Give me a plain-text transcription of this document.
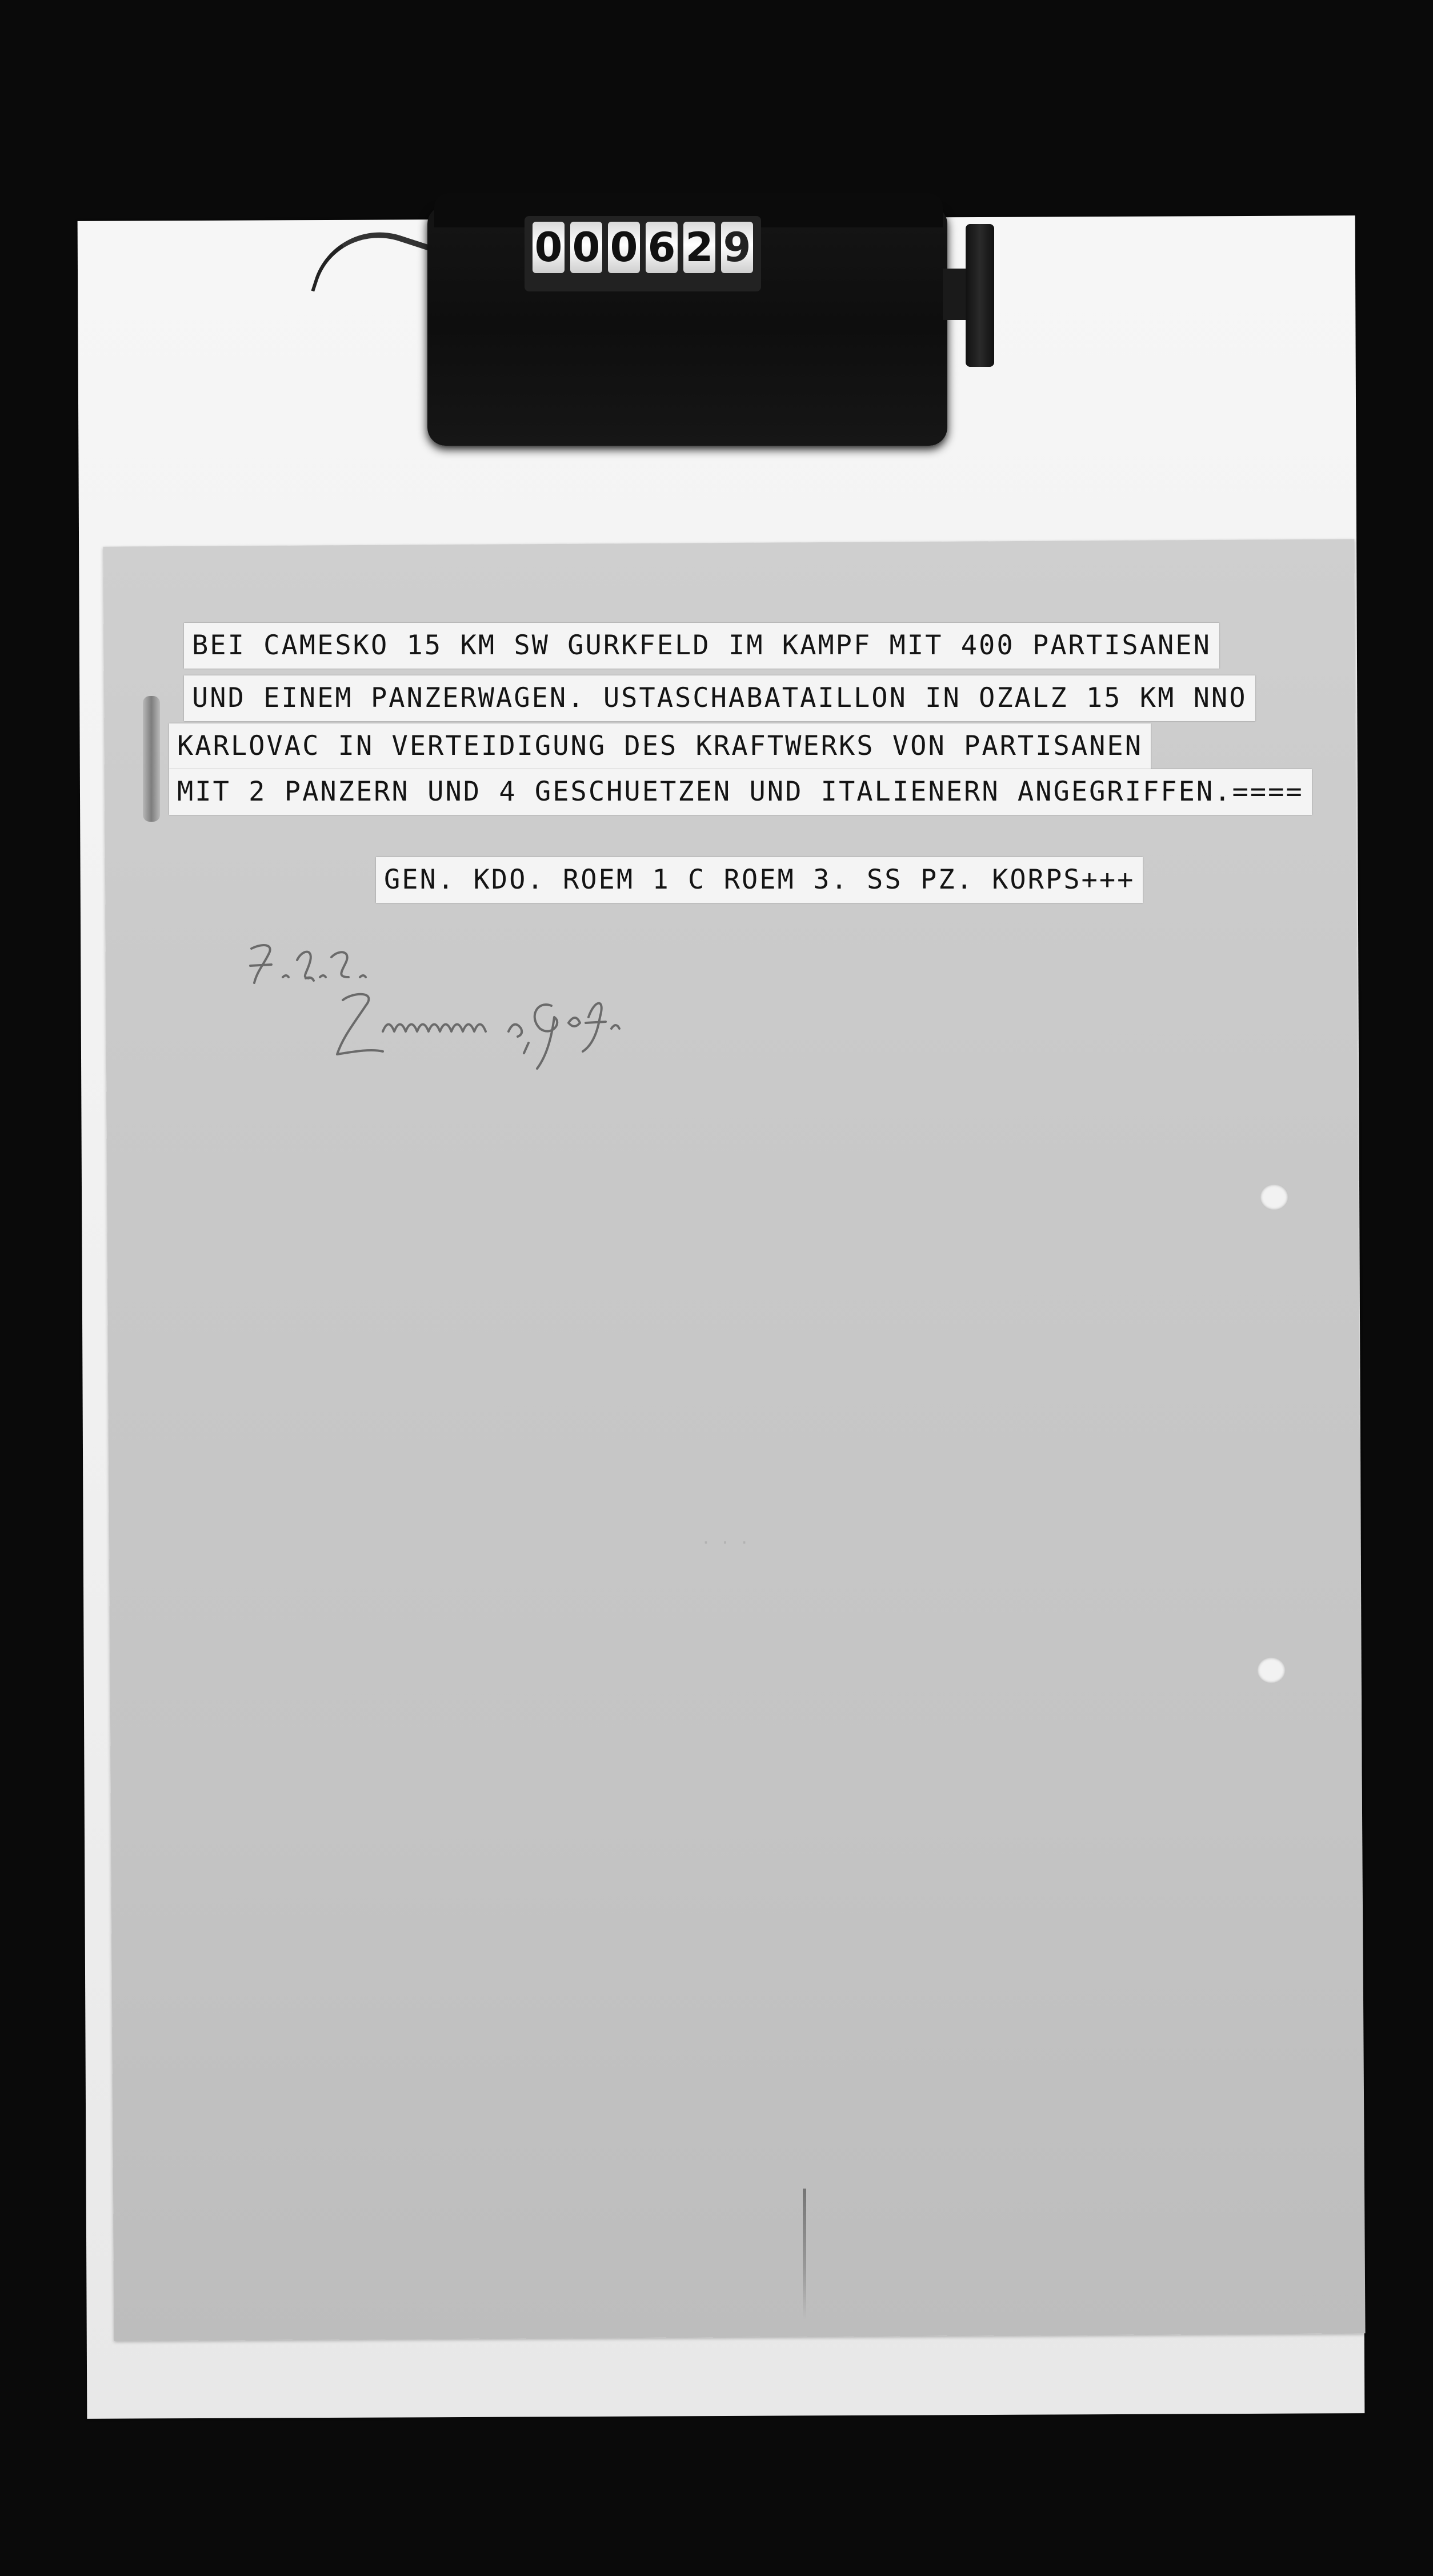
0 0 0 6 2 9
BEI CAMESKO 15 KM SW GURKFELD IM KAMPF MIT 400 PARTISANEN
UND EINEM PANZERWAGEN. USTASCHABATAILLON IN OZALZ 15 KM NNO
KARLOVAC IN VERTEIDIGUNG DES KRAFTWERKS VON PARTISANEN
MIT 2 PANZERN UND 4 GESCHUETZEN UND ITALIENERN ANGEGRIFFEN.====
GEN. KDO. ROEM 1 C ROEM 3. SS PZ. KORPS+++
· · ·
